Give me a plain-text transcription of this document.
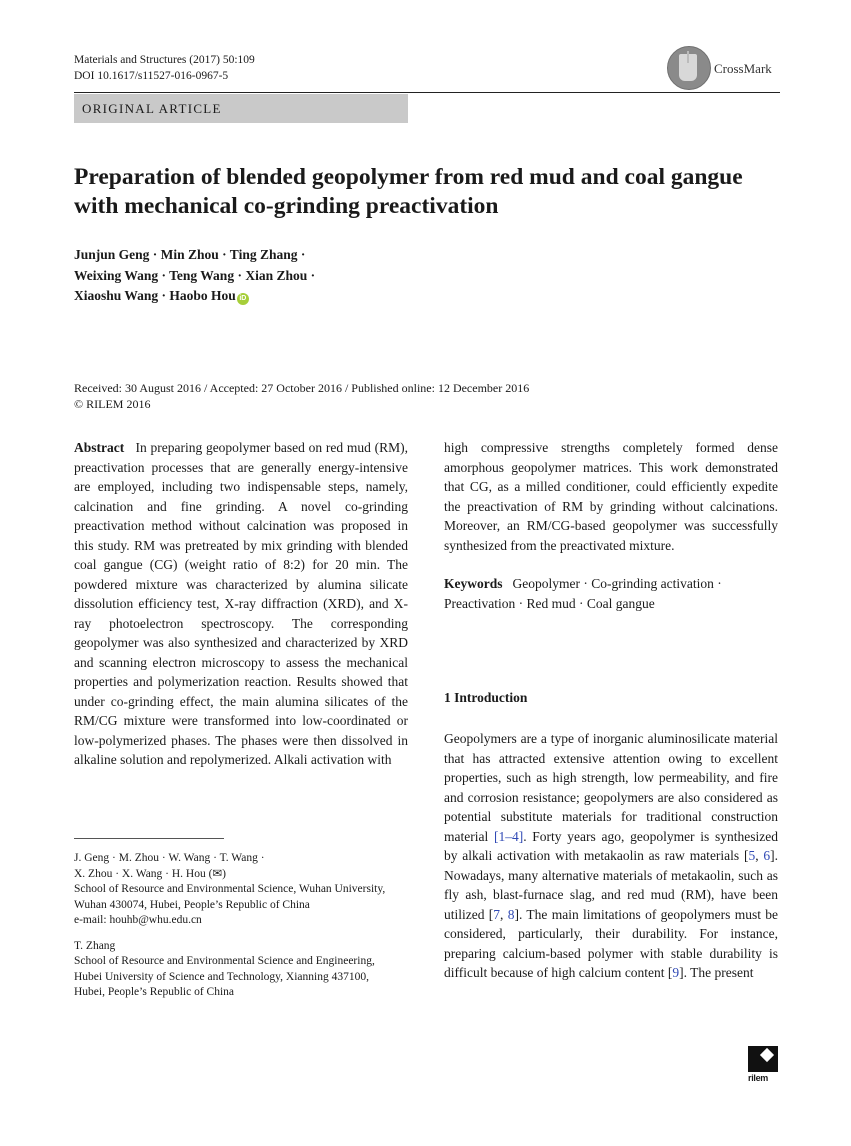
Materials and Structures (2017) 50:109
DOI 10.1617/s11527-016-0967-5	CrossMark
ORIGINAL ARTICLE
Preparation of blended geopolymer from red mud and coal gangue with mechanical co-grinding preactivation
Junjun Geng · Min Zhou · Ting Zhang ·
Weixing Wang · Teng Wang · Xian Zhou ·
Xiaoshu Wang · Haobo Hou iD
Received: 30 August 2016 / Accepted: 27 October 2016 / Published online: 12 December 2016
© RILEM 2016
Abstract In preparing geopolymer based on red mud (RM), preactivation processes that are generally energy-intensive are employed, including two indispensable steps, namely, calcination and fine grinding. A novel co-grinding preactivation method without calcination was proposed in this study. RM was pretreated by mix grinding with blended coal gangue (CG) (weight ratio of 8:2) for 20 min. The powdered mixture was characterized by alumina silicate dissolution efficiency test, X-ray diffraction (XRD), and X-ray photoelectron spectroscopy. The corresponding geopolymer was also synthesized and characterized by XRD and scanning electron microscopy to assess the mechanical properties and polymerization reaction. Results showed that under co-grinding effect, the main alumina silicates of the RM/CG mixture were transformed into low-coordinated or low-polymerized phases. The phases were then dissolved in alkaline solution and repolymerized. Alkali activation with
high compressive strengths completely formed dense amorphous geopolymer matrices. This work demonstrated that CG, as a milled conditioner, could efficiently expedite the preactivation of RM by grinding without calcinations. Moreover, an RM/CG-based geopolymer was successfully synthesized from the preactivated mixture.
Keywords Geopolymer · Co-grinding activation · Preactivation · Red mud · Coal gangue
1 Introduction
Geopolymers are a type of inorganic aluminosilicate material that has attracted extensive attention owing to excellent properties, such as high strength, low permeability, and fire and corrosion resistance; geopolymers are also considered as potential substitute materials for traditional construction material [1–4]. Forty years ago, geopolymer is synthesized by alkali activation with metakaolin as raw materials [5, 6]. Nowadays, many alternative materials of metakaolin, such as fly ash, blast-furnace slag, and red mud (RM), have been utilized [7, 8]. The main limitations of geopolymers must be considered, particularly, their durability. For instance, preparing calcium-based polymer with stable durability is difficult because of high calcium content [9]. The present

J. Geng · M. Zhou · W. Wang · T. Wang ·
X. Zhou · X. Wang · H. Hou (✉)
School of Resource and Environmental Science, Wuhan University, Wuhan 430074, Hubei, People’s Republic of China
e-mail: houhb@whu.edu.cn

T. Zhang
School of Resource and Environmental Science and Engineering, Hubei University of Science and Technology, Xianning 437100, Hubei, People’s Republic of China

rilem
